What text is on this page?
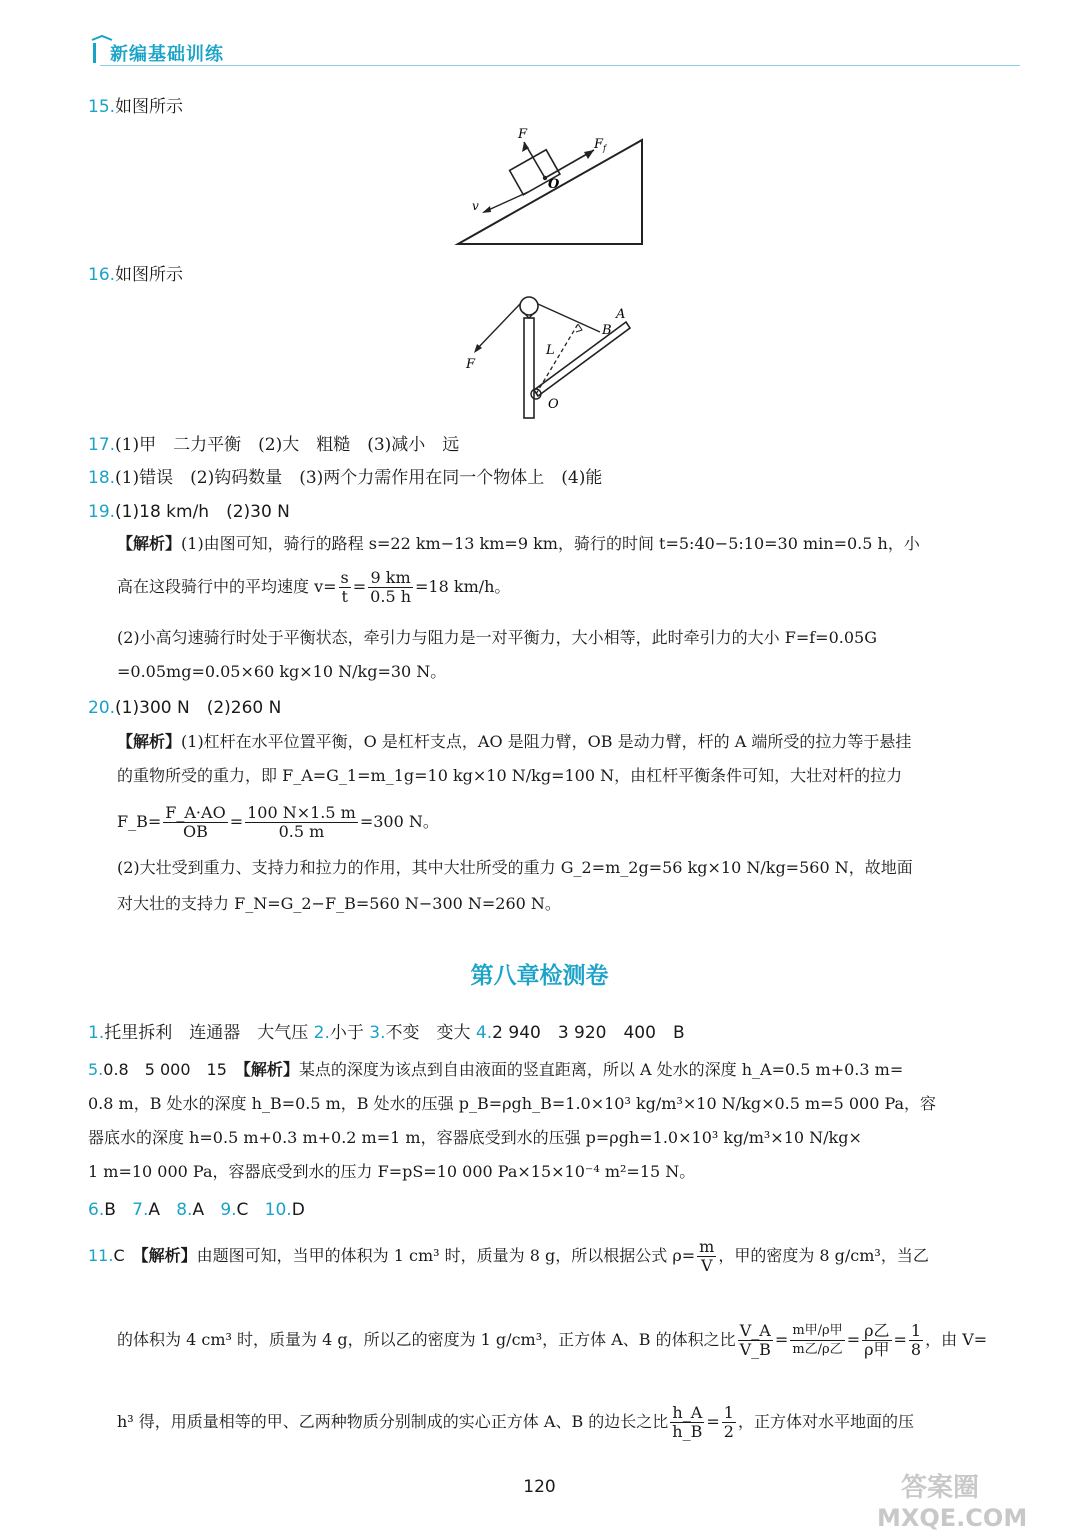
新编基础训练
15.如图所示
F
F f
O
v
16.如图所示
A
B
L
F
O
17.(1)甲　二力平衡　(2)大　粗糙　(3)减小　远
18.(1)错误　(2)钩码数量　(3)两个力需作用在同一个物体上　(4)能
19.(1)18 km/h　(2)30 N
【解析】(1)由图可知，骑行的路程 s=22 km−13 km=9 km，骑行的时间 t=5:40−5:10=30 min=0.5 h，小
高在这段骑行中的平均速度 $v= \frac{s}{t} = \frac{9 km}{0.5 h} =18$ km/h。
(2)小高匀速骑行时处于平衡状态，牵引力与阻力是一对平衡力，大小相等，此时牵引力的大小 F=f=0.05G
=0.05mg=0.05×60 kg×10 N/kg=30 N。
20.(1)300 N　(2)260 N
【解析】(1)杠杆在水平位置平衡，O 是杠杆支点，AO 是阻力臂，OB 是动力臂，杆的 A 端所受的拉力等于悬挂
的重物所受的重力，即 F_A=G_1=m_1g=10 kg×10 N/kg=100 N，由杠杆平衡条件可知，大壮对杆的拉力
F_B= $\frac{F\_A\cdot AO}{OB} = \frac{100 N\times 1.5 m}{0.5 m} =300$ N。
(2)大壮受到重力、支持力和拉力的作用，其中大壮所受的重力 G_2=m_2g=56 kg×10 N/kg=560 N，故地面
对大壮的支持力 F_N=G_2−F_B=560 N−300 N=260 N。
第八章检测卷
1.托里拆利　连通器　大气压 2.小于 3.不变　变大 4.2 940　3 920　400　B
5.0.8　5 000　15　 【解析】某点的深度为该点到自由液面的竖直距离，所以 A 处水的深度 h_A=0.5 m+0.3 m=
0.8 m，B 处水的深度 h_B=0.5 m，B 处水的压强 p_B=ρgh_B=1.0×10³ kg/m³×10 N/kg×0.5 m=5 000 Pa，容
器底水的深度 h=0.5 m+0.3 m+0.2 m=1 m，容器底受到水的压强 p=ρgh=1.0×10³ kg/m³×10 N/kg×
1 m=10 000 Pa，容器底受到水的压力 F=pS=10 000 Pa×15×10⁻⁴ m²=15 N。
6.B 7.A 8.A 9.C 10.D
11.C　 【解析】由题图可知，当甲的体积为 1 cm³ 时，质量为 8 g，所以根据公式 $\rho= \frac{m}{V}$ ，甲的密度为 8 g/cm³，当乙
的体积为 4 cm³ 时，质量为 4 g，所以乙的密度为 1 g/cm³，正方体 A、B 的体积之比 $\frac{V\_A}{V\_B} = \frac{\text{m甲/ρ甲}}{\text{m乙/ρ乙}} = \frac{\text{ρ乙}}{\text{ρ甲}} = \frac{1}{8}$ ，由 V=
h³ 得，用质量相等的甲、乙两种物质分别制成的实心正方体 A、B 的边长之比 $\frac{h\_A}{h\_B} = \frac{1}{2}$ ，正方体对水平地面的压
120	答案圈
MXQE.COM
